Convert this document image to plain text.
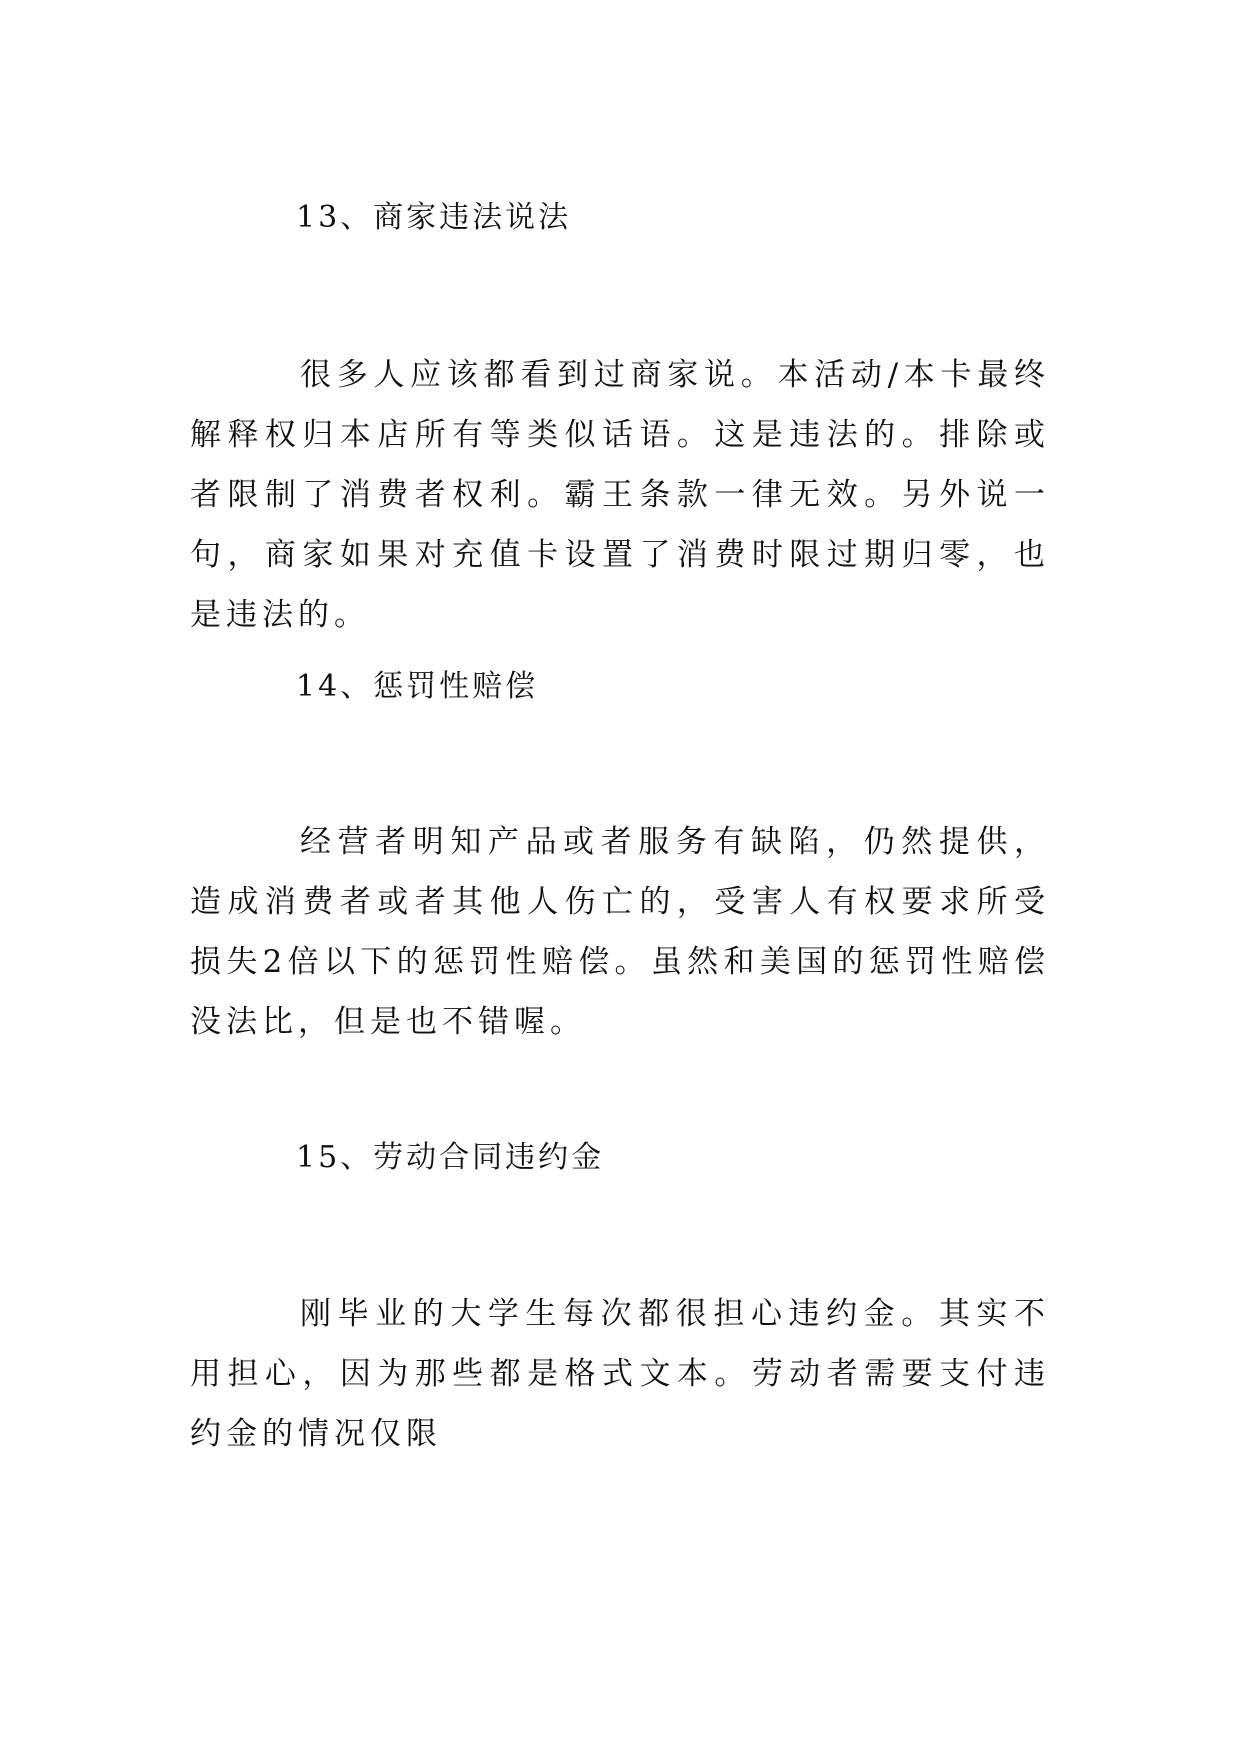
13、商家违法说法
很多人应该都看到过商家说。本活动/本卡最终解释权归本店所有等类似话语。这是违法的。排除或者限制了消费者权利。霸王条款一律无效。另外说一句，商家如果对充值卡设置了消费时限过期归零，也是违法的。
14、惩罚性赔偿
经营者明知产品或者服务有缺陷，仍然提供，造成消费者或者其他人伤亡的，受害人有权要求所受损失2倍以下的惩罚性赔偿。虽然和美国的惩罚性赔偿没法比，但是也不错喔。
15、劳动合同违约金
刚毕业的大学生每次都很担心违约金。其实不用担心，因为那些都是格式文本。劳动者需要支付违约金的情况仅限
